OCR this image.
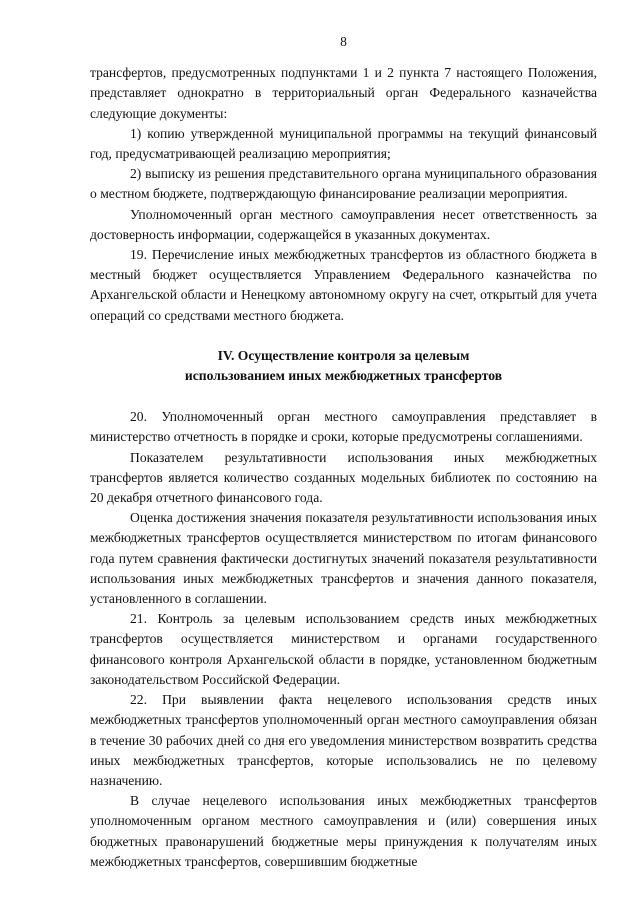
8

трансфертов, предусмотренных подпунктами 1 и 2 пункта 7 настоящего Положения, представляет однократно в территориальный орган Федерального казначейства следующие документы:

1) копию утвержденной муниципальной программы на текущий финансовый год, предусматривающей реализацию мероприятия;

2) выписку из решения представительного органа муниципального образования о местном бюджете, подтверждающую финансирование реализации мероприятия.

Уполномоченный орган местного самоуправления несет ответственность за достоверность информации, содержащейся в указанных документах.

19. Перечисление иных межбюджетных трансфертов из областного бюджета в местный бюджет осуществляется Управлением Федерального казначейства по Архангельской области и Ненецкому автономному округу на счет, открытый для учета операций со средствами местного бюджета.

IV. Осуществление контроля за целевым
использованием иных межбюджетных трансфертов

20. Уполномоченный орган местного самоуправления представляет в министерство отчетность в порядке и сроки, которые предусмотрены соглашениями.

Показателем результативности использования иных межбюджетных трансфертов является количество созданных модельных библиотек по состоянию на 20 декабря отчетного финансового года.

Оценка достижения значения показателя результативности использования иных межбюджетных трансфертов осуществляется министерством по итогам финансового года путем сравнения фактически достигнутых значений показателя результативности использования иных межбюджетных трансфертов и значения данного показателя, установленного в соглашении.

21. Контроль за целевым использованием средств иных межбюджетных трансфертов осуществляется министерством и органами государственного финансового контроля Архангельской области в порядке, установленном бюджетным законодательством Российской Федерации.

22. При выявлении факта нецелевого использования средств иных межбюджетных трансфертов уполномоченный орган местного самоуправления обязан в течение 30 рабочих дней со дня его уведомления министерством возвратить средства иных межбюджетных трансфертов, которые использовались не по целевому назначению.

В случае нецелевого использования иных межбюджетных трансфертов уполномоченным органом местного самоуправления и (или) совершения иных бюджетных правонарушений бюджетные меры принуждения к получателям иных межбюджетных трансфертов, совершившим бюджетные
